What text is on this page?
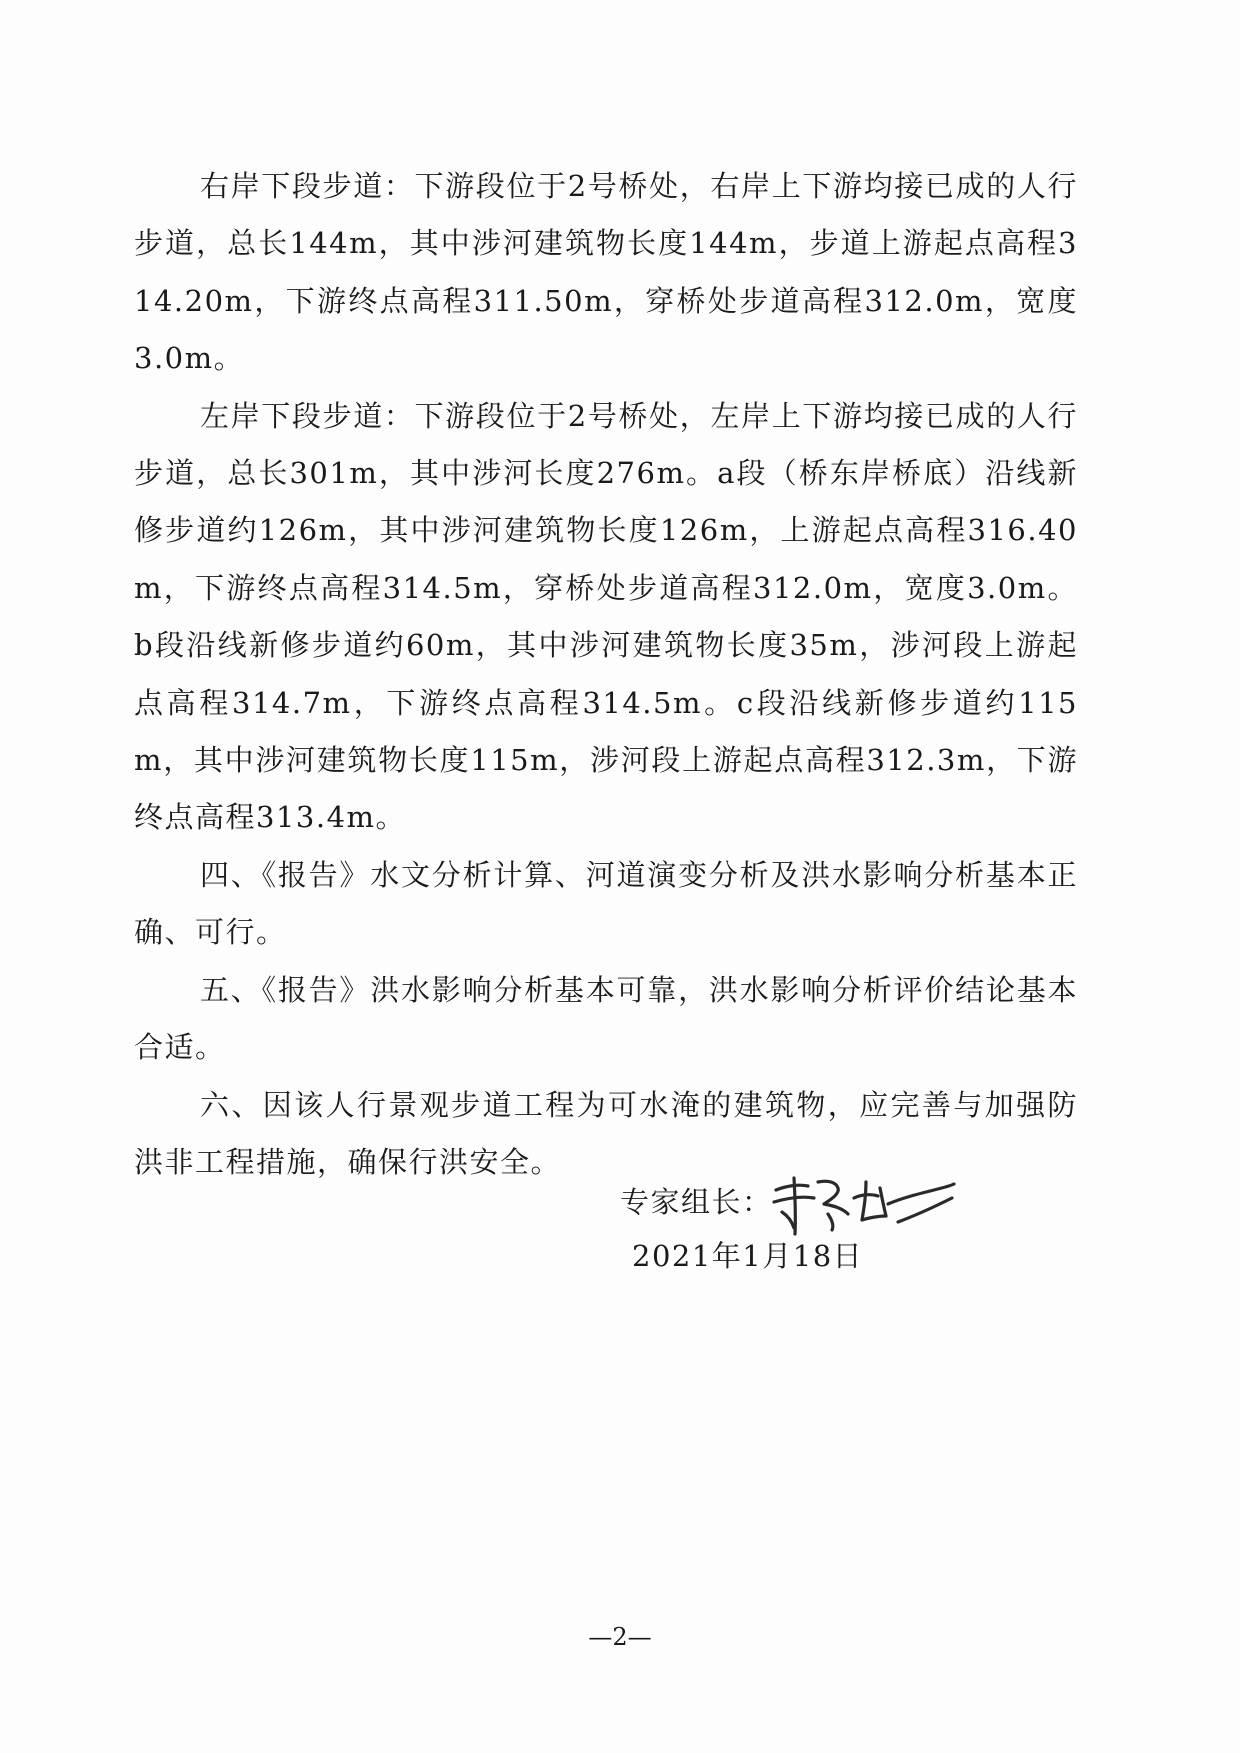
右岸下段步道：下游段位于2号桥处，右岸上下游均接已成的人行步道，总长144m，其中涉河建筑物长度144m，步道上游起点高程314.20m，下游终点高程311.50m，穿桥处步道高程312.0m，宽度3.0m。

左岸下段步道：下游段位于2号桥处，左岸上下游均接已成的人行步道，总长301m，其中涉河长度276m。a段（桥东岸桥底）沿线新修步道约126m，其中涉河建筑物长度126m，上游起点高程316.40m，下游终点高程314.5m，穿桥处步道高程312.0m，宽度3.0m。b段沿线新修步道约60m，其中涉河建筑物长度35m，涉河段上游起点高程314.7m，下游终点高程314.5m。c段沿线新修步道约115m，其中涉河建筑物长度115m，涉河段上游起点高程312.3m，下游终点高程313.4m。

四、《报告》水文分析计算、河道演变分析及洪水影响分析基本正确、可行。

五、《报告》洪水影响分析基本可靠，洪水影响分析评价结论基本合适。

六、因该人行景观步道工程为可水淹的建筑物，应完善与加强防洪非工程措施，确保行洪安全。

专家组长：
2021年1月18日
—2—
